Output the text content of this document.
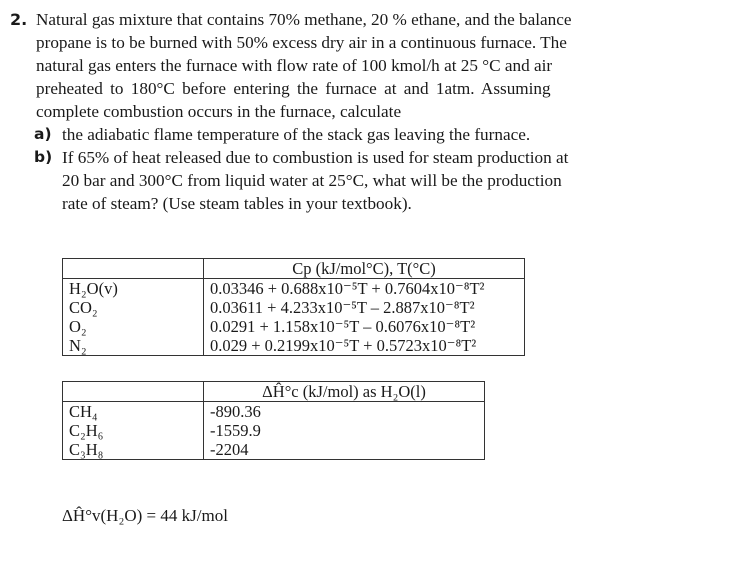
2. Natural gas mixture that contains 70% methane, 20 % ethane, and the balance
propane is to be burned with 50% excess dry air in a continuous furnace. The
natural gas enters the furnace with flow rate of 100 kmol/h at 25 °C and air
preheated to 180°C before entering the furnace at and 1atm. Assuming
complete combustion occurs in the furnace, calculate
a) the adiabatic flame temperature of the stack gas leaving the furnace.
b) If 65% of heat released due to combustion is used for steam production at
20 bar and 300°C from liquid water at 25°C, what will be the production
rate of steam? (Use steam tables in your textbook).
	Cp (kJ/mol°C), T(°C)
H₂O(v)	0.03346 + 0.688x10⁻⁵T + 0.7604x10⁻⁸T²
CO₂	0.03611 + 4.233x10⁻⁵T – 2.887x10⁻⁸T²
O₂	0.0291 + 1.158x10⁻⁵T – 0.6076x10⁻⁸T²
N₂	0.029 + 0.2199x10⁻⁵T + 0.5723x10⁻⁸T²
	ΔĤ°c (kJ/mol) as H₂O(l)
CH₄	-890.36
C₂H₆	-1559.9
C₃H₈	-2204
ΔĤ°v(H₂O) = 44 kJ/mol
